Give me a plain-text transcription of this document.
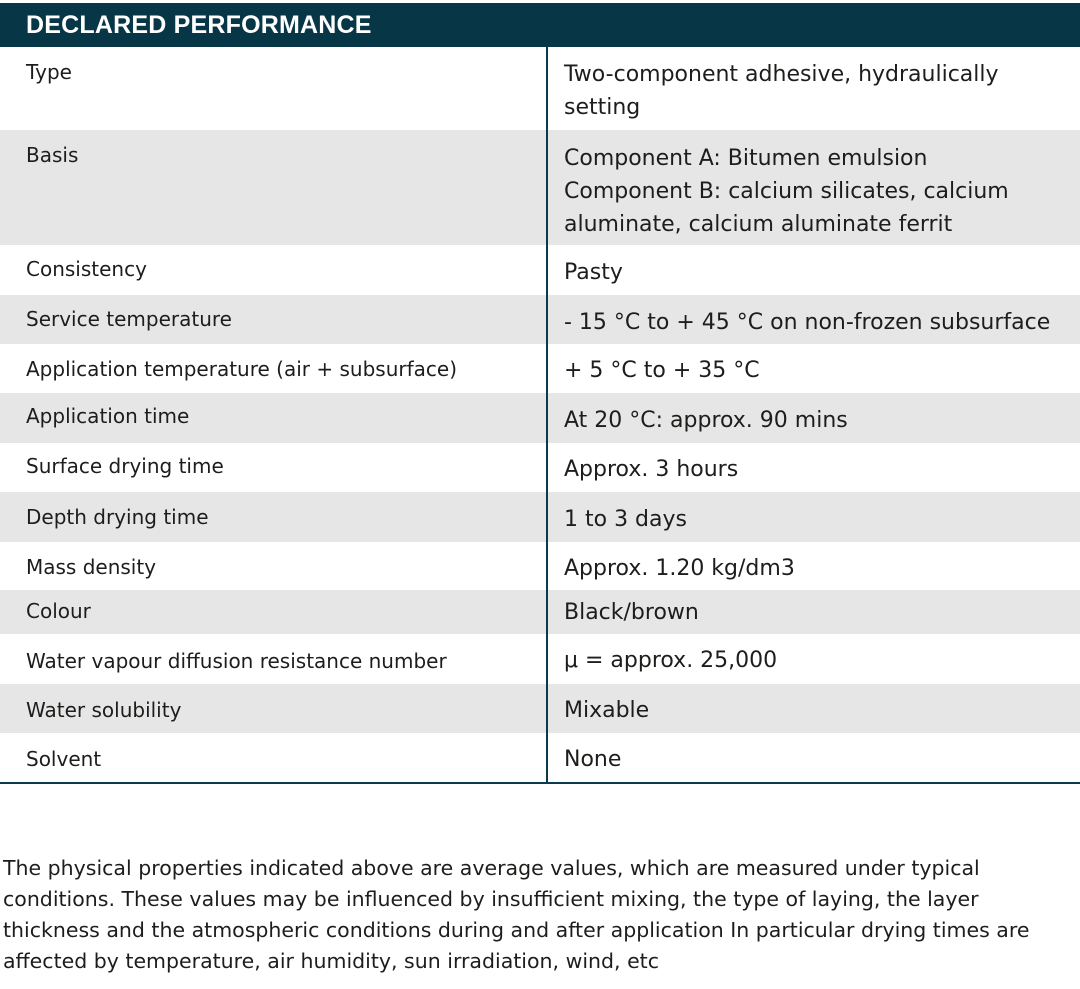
DECLARED PERFORMANCE
Type	Two-component adhesive, hydraulically setting
Basis	Component A: Bitumen emulsion
Component B: calcium silicates, calcium aluminate, calcium aluminate ferrit
Consistency	Pasty
Service temperature	- 15 °C to + 45 °C on non-frozen subsurface
Application temperature (air + subsurface)	+ 5 °C to + 35 °C
Application time	At 20 °C: approx. 90 mins
Surface drying time	Approx. 3 hours
Depth drying time	1 to 3 days
Mass density	Approx. 1.20 kg/dm3
Colour	Black/brown
Water vapour diffusion resistance number	μ = approx. 25,000
Water solubility	Mixable
Solvent	None
The physical properties indicated above are average values, which are measured under typical conditions. These values may be influenced by insufficient mixing, the type of laying, the layer thickness and the atmospheric conditions during and after application In particular drying times are affected by temperature, air humidity, sun irradiation, wind, etc
